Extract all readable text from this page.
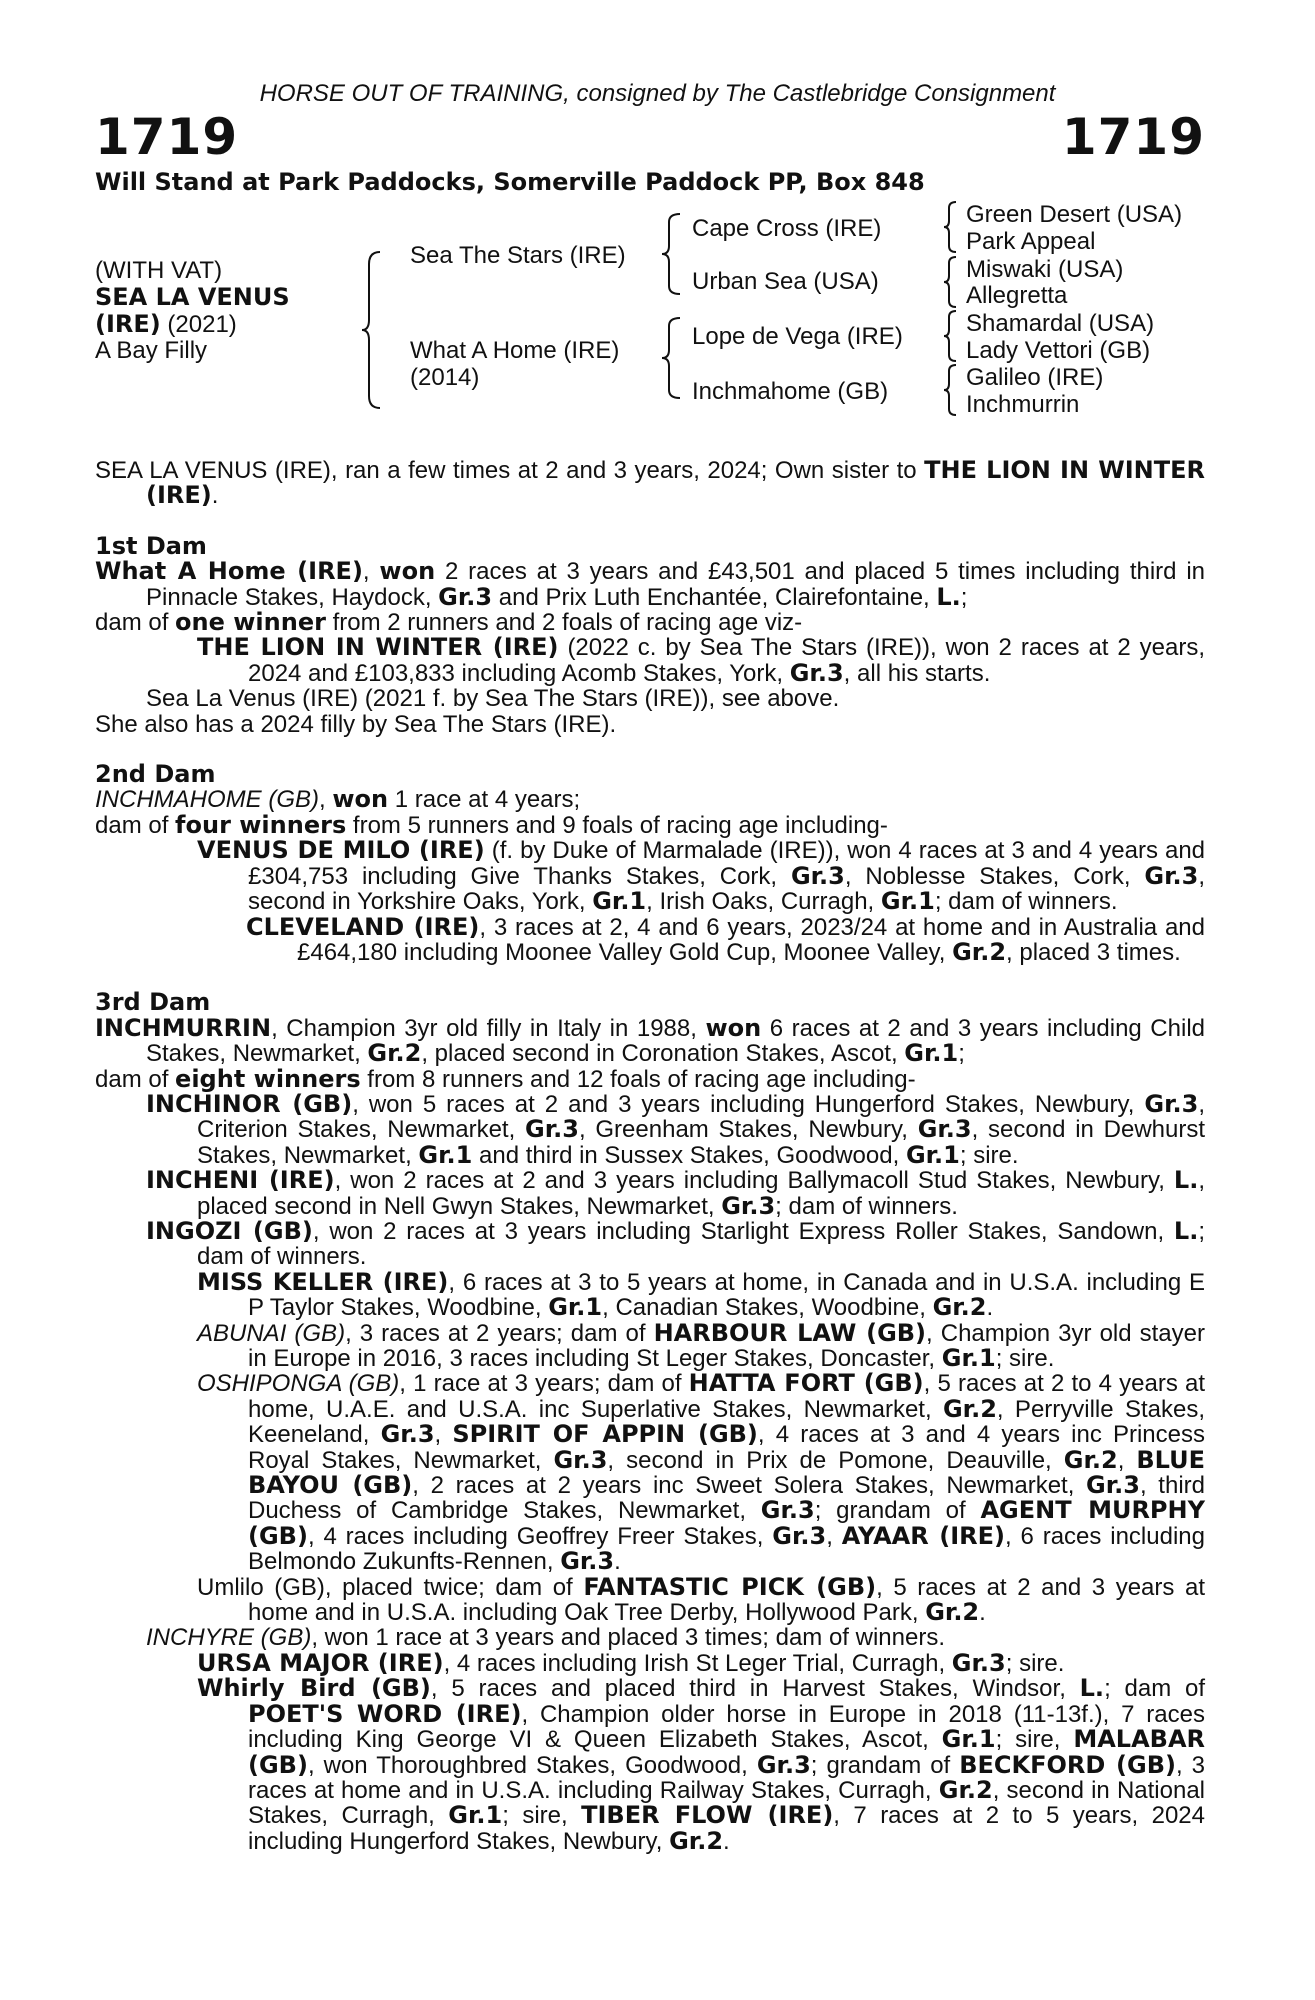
HORSE OUT OF TRAINING, consigned by The Castlebridge Consignment
1719	1719
Will Stand at Park Paddocks, Somerville Paddock PP, Box 848
(WITH VAT)
SEA LA VENUS
(IRE) (2021)
A Bay Filly
Sea The Stars (IRE)
What A Home (IRE)
(2014)
Cape Cross (IRE)
Urban Sea (USA)
Lope de Vega (IRE)
Inchmahome (GB)
Green Desert (USA)
Park Appeal
Miswaki (USA)
Allegretta
Shamardal (USA)
Lady Vettori (GB)
Galileo (IRE)
Inchmurrin

SEA LA VENUS (IRE), ran a few times at 2 and 3 years, 2024; Own sister to THE LION IN WINTER (IRE).

1st Dam

What A Home (IRE), won 2 races at 3 years and £43,501 and placed 5 times including third in Pinnacle Stakes, Haydock, Gr.3 and Prix Luth Enchantée, Clairefontaine, L.;

dam of one winner from 2 runners and 2 foals of racing age viz-

THE LION IN WINTER (IRE) (2022 c. by Sea The Stars (IRE)), won 2 races at 2 years, 2024 and £103,833 including Acomb Stakes, York, Gr.3, all his starts.

Sea La Venus (IRE) (2021 f. by Sea The Stars (IRE)), see above.

She also has a 2024 filly by Sea The Stars (IRE).

2nd Dam

INCHMAHOME (GB), won 1 race at 4 years;

dam of four winners from 5 runners and 9 foals of racing age including-

VENUS DE MILO (IRE) (f. by Duke of Marmalade (IRE)), won 4 races at 3 and 4 years and £304,753 including Give Thanks Stakes, Cork, Gr.3, Noblesse Stakes, Cork, Gr.3, second in Yorkshire Oaks, York, Gr.1, Irish Oaks, Curragh, Gr.1; dam of winners.

CLEVELAND (IRE), 3 races at 2, 4 and 6 years, 2023/24 at home and in Australia and £464,180 including Moonee Valley Gold Cup, Moonee Valley, Gr.2, placed 3 times.

3rd Dam

INCHMURRIN, Champion 3yr old filly in Italy in 1988, won 6 races at 2 and 3 years including Child Stakes, Newmarket, Gr.2, placed second in Coronation Stakes, Ascot, Gr.1;

dam of eight winners from 8 runners and 12 foals of racing age including-

INCHINOR (GB), won 5 races at 2 and 3 years including Hungerford Stakes, Newbury, Gr.3, Criterion Stakes, Newmarket, Gr.3, Greenham Stakes, Newbury, Gr.3, second in Dewhurst Stakes, Newmarket, Gr.1 and third in Sussex Stakes, Goodwood, Gr.1; sire.

INCHENI (IRE), won 2 races at 2 and 3 years including Ballymacoll Stud Stakes, Newbury, L., placed second in Nell Gwyn Stakes, Newmarket, Gr.3; dam of winners.

INGOZI (GB), won 2 races at 3 years including Starlight Express Roller Stakes, Sandown, L.; dam of winners.

MISS KELLER (IRE), 6 races at 3 to 5 years at home, in Canada and in U.S.A. including E P Taylor Stakes, Woodbine, Gr.1, Canadian Stakes, Woodbine, Gr.2.

ABUNAI (GB), 3 races at 2 years; dam of HARBOUR LAW (GB), Champion 3yr old stayer in Europe in 2016, 3 races including St Leger Stakes, Doncaster, Gr.1; sire.

OSHIPONGA (GB), 1 race at 3 years; dam of HATTA FORT (GB), 5 races at 2 to 4 years at home, U.A.E. and U.S.A. inc Superlative Stakes, Newmarket, Gr.2, Perryville Stakes, Keeneland, Gr.3, SPIRIT OF APPIN (GB), 4 races at 3 and 4 years inc Princess Royal Stakes, Newmarket, Gr.3, second in Prix de Pomone, Deauville, Gr.2, BLUE BAYOU (GB), 2 races at 2 years inc Sweet Solera Stakes, Newmarket, Gr.3, third Duchess of Cambridge Stakes, Newmarket, Gr.3; grandam of AGENT MURPHY (GB), 4 races including Geoffrey Freer Stakes, Gr.3, AYAAR (IRE), 6 races including Belmondo Zukunfts-Rennen, Gr.3.

Umlilo (GB), placed twice; dam of FANTASTIC PICK (GB), 5 races at 2 and 3 years at home and in U.S.A. including Oak Tree Derby, Hollywood Park, Gr.2.

INCHYRE (GB), won 1 race at 3 years and placed 3 times; dam of winners.

URSA MAJOR (IRE), 4 races including Irish St Leger Trial, Curragh, Gr.3; sire.

Whirly Bird (GB), 5 races and placed third in Harvest Stakes, Windsor, L.; dam of POET'S WORD (IRE), Champion older horse in Europe in 2018 (11-13f.), 7 races including King George VI & Queen Elizabeth Stakes, Ascot, Gr.1; sire, MALABAR (GB), won Thoroughbred Stakes, Goodwood, Gr.3; grandam of BECKFORD (GB), 3 races at home and in U.S.A. including Railway Stakes, Curragh, Gr.2, second in National Stakes, Curragh, Gr.1; sire, TIBER FLOW (IRE), 7 races at 2 to 5 years, 2024 including Hungerford Stakes, Newbury, Gr.2.
